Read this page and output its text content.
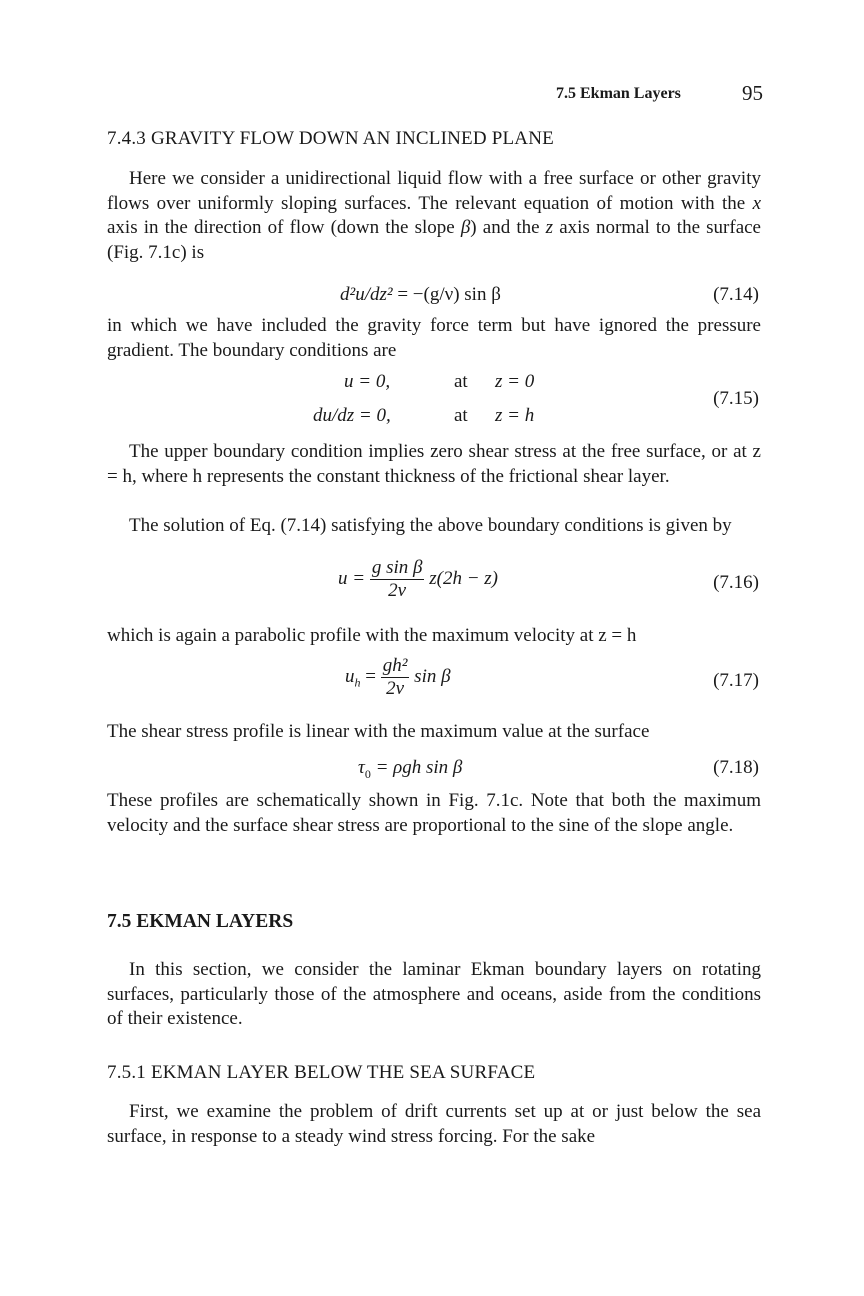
7.5 Ekman Layers	95
7.4.3 GRAVITY FLOW DOWN AN INCLINED PLANE

Here we consider a unidirectional liquid flow with a free surface or other gravity flows over uniformly sloping surfaces. The relevant equation of motion with the x axis in the direction of flow (down the slope β) and the z axis normal to the surface (Fig. 7.1c) is

d²u/dz² = −(g/ν) sin β	(7.14)

in which we have included the gravity force term but have ignored the pressure gradient. The boundary conditions are

u = 0,	at z = 0
du/dz = 0,	at z = h
(7.15)

The upper boundary condition implies zero shear stress at the free surface, or at z = h, where h represents the constant thickness of the frictional shear layer.

The solution of Eq. (7.14) satisfying the above boundary conditions is given by

$u = \frac{\text{g sin β}}{2\nu} z(2h - z)$	(7.16)

which is again a parabolic profile with the maximum velocity at z = h

$u_h = \frac{\text{gh²}}{2\nu}$ sin β	(7.17)

The shear stress profile is linear with the maximum value at the surface

$\tau_0 = \rho gh$ sin β	(7.18)

These profiles are schematically shown in Fig. 7.1c. Note that both the maximum velocity and the surface shear stress are proportional to the sine of the slope angle.

7.5 EKMAN LAYERS

In this section, we consider the laminar Ekman boundary layers on rotating surfaces, particularly those of the atmosphere and oceans, aside from the conditions of their existence.

7.5.1 EKMAN LAYER BELOW THE SEA SURFACE

First, we examine the problem of drift currents set up at or just below the sea surface, in response to a steady wind stress forcing. For the sake
